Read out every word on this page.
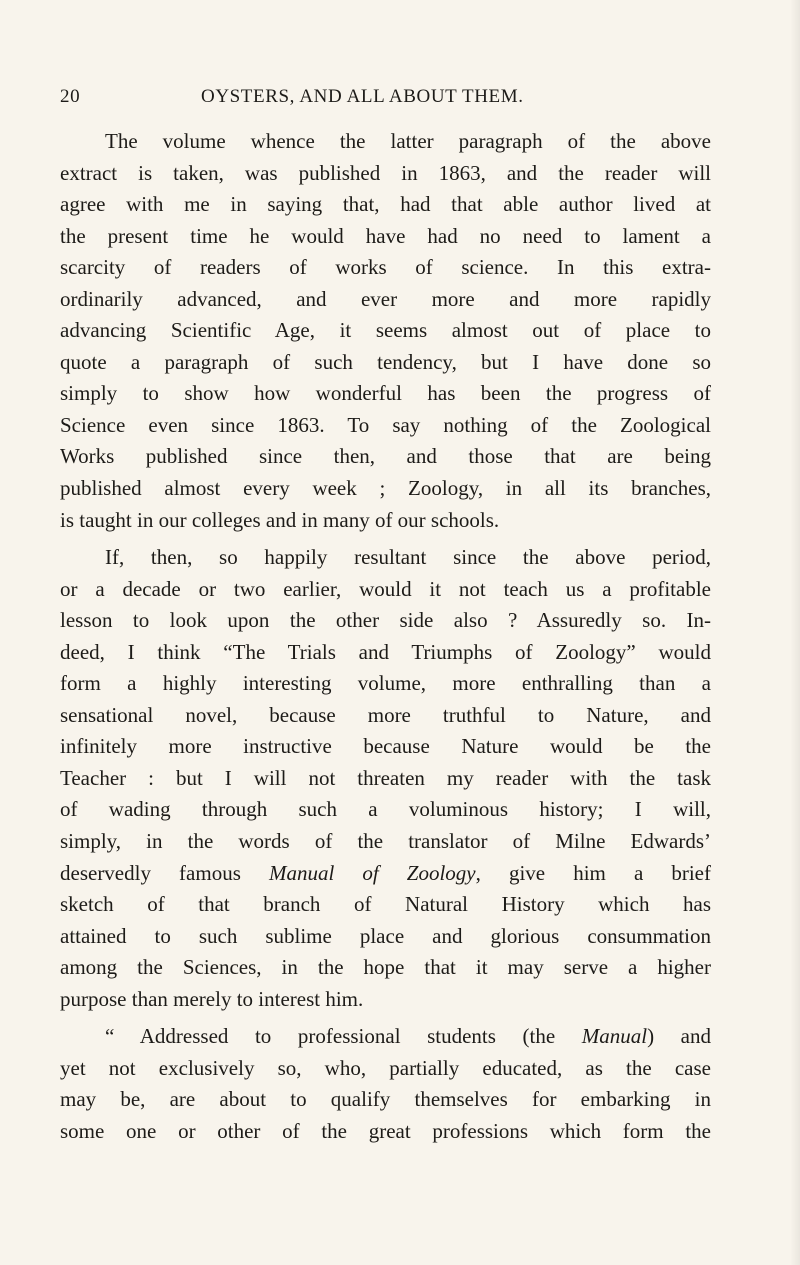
20	OYSTERS, AND ALL ABOUT THEM.
The volume whence the latter paragraph of the above
extract is taken, was published in 1863, and the reader will
agree with me in saying that, had that able author lived at
the present time he would have had no need to lament a
scarcity of readers of works of science. In this extra-
ordinarily advanced, and ever more and more rapidly
advancing Scientific Age, it seems almost out of place to
quote a paragraph of such tendency, but I have done so
simply to show how wonderful has been the progress of
Science even since 1863. To say nothing of the Zoological
Works published since then, and those that are being
published almost every week ; Zoology, in all its branches,
is taught in our colleges and in many of our schools.
If, then, so happily resultant since the above period,
or a decade or two earlier, would it not teach us a profitable
lesson to look upon the other side also ? Assuredly so. In-
deed, I think “The Trials and Triumphs of Zoology” would
form a highly interesting volume, more enthralling than a
sensational novel, because more truthful to Nature, and
infinitely more instructive because Nature would be the
Teacher : but I will not threaten my reader with the task
of wading through such a voluminous history; I will,
simply, in the words of the translator of Milne Edwards’
deservedly famous Manual of Zoology, give him a brief
sketch of that branch of Natural History which has
attained to such sublime place and glorious consummation
among the Sciences, in the hope that it may serve a higher
purpose than merely to interest him.
“ Addressed to professional students (the Manual) and
yet not exclusively so, who, partially educated, as the case
may be, are about to qualify themselves for embarking in
some one or other of the great professions which form the
